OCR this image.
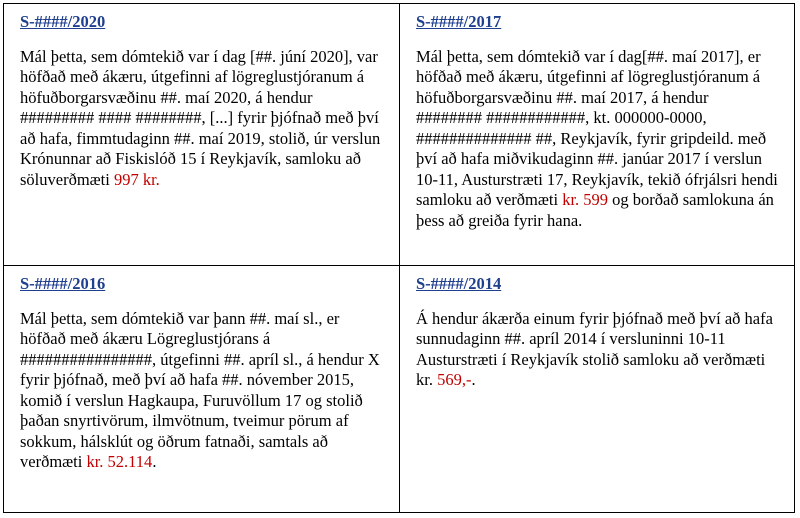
S-####/2020
Mál þetta, sem dómtekið var í dag [##. júní 2020], var höfðað með ákæru, útgefinni af lögreglustjóranum á höfuðborgarsvæðinu ##. maí 2020, á hendur ######### #### ########, [...] fyrir þjófnað með því að hafa, fimmtudaginn ##. maí 2019, stolið, úr verslun Krónunnar að Fiskislóð 15 í Reykjavík, samloku að söluverðmæti 997 kr.
S-####/2017
Mál þetta, sem dómtekið var í dag[##. maí 2017], er höfðað með ákæru, útgefinni af lögreglustjóranum á höfuðborgarsvæðinu ##. maí 2017, á hendur ######## ############, kt. 000000-0000, ############## ##, Reykjavík, fyrir gripdeild. með því að hafa miðvikudaginn ##. janúar 2017 í verslun 10-11, Austurstræti 17, Reykjavík, tekið ófrjálsri hendi samloku að verðmæti kr. 599 og borðað samlokuna án þess að greiða fyrir hana.
S-####/2016
Mál þetta, sem dómtekið var þann ##. maí sl., er höfðað með ákæru Lögreglustjórans á ################, útgefinni ##. apríl sl., á hendur X fyrir þjófnað, með því að hafa ##. nóvember 2015, komið í verslun Hagkaupa, Furuvöllum 17 og stolið þaðan snyrtivörum, ilmvötnum, tveimur pörum af sokkum, hálsklút og öðrum fatnaði, samtals að verðmæti kr. 52.114.
S-####/2014
Á hendur ákærða einum fyrir þjófnað með því að hafa sunnudaginn ##. apríl 2014 í versluninni 10-11 Austurstræti í Reykjavík stolið samloku að verðmæti kr. 569,-.
